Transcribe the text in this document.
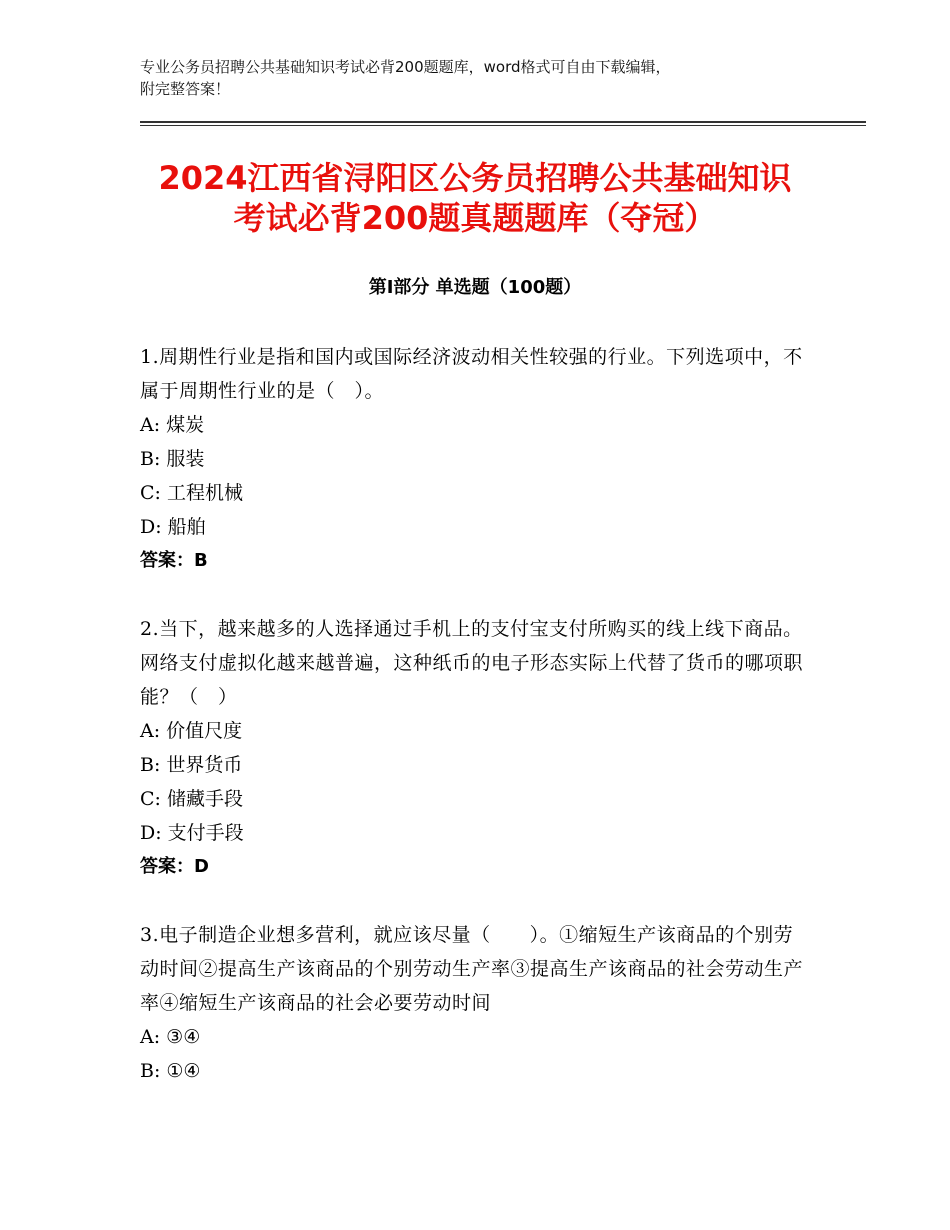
专业公务员招聘公共基础知识考试必背200题题库，word格式可自由下载编辑，
附完整答案！
2024江西省浔阳区公务员招聘公共基础知识
考试必背200题真题题库（夺冠）
第Ⅰ部分 单选题（100题）
1.周期性行业是指和国内或国际经济波动相关性较强的行业。下列选项中，不属于周期性行业的是（　）。
A: 煤炭
B: 服装
C: 工程机械
D: 船舶
答案：B
2.当下，越来越多的人选择通过手机上的支付宝支付所购买的线上线下商品。网络支付虚拟化越来越普遍，这种纸币的电子形态实际上代替了货币的哪项职能？（　）
A: 价值尺度
B: 世界货币
C: 储藏手段
D: 支付手段
答案：D
3.电子制造企业想多营利，就应该尽量（　　）。①缩短生产该商品的个别劳动时间②提高生产该商品的个别劳动生产率③提高生产该商品的社会劳动生产率④缩短生产该商品的社会必要劳动时间
A: ③④
B: ①④
